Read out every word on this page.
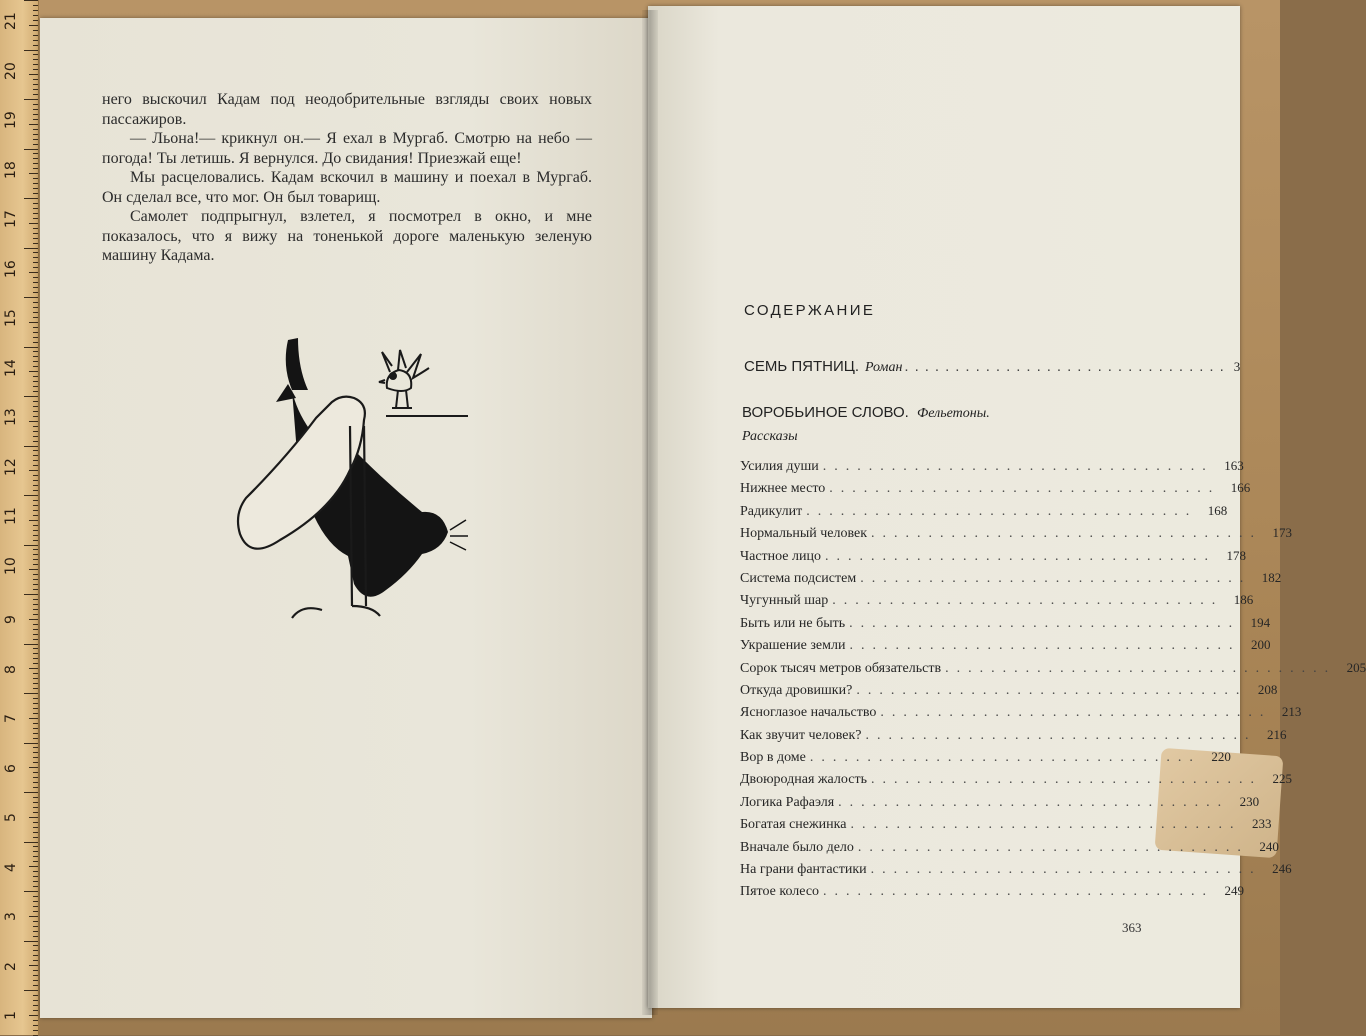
21
20
19
18
17
16
15
14
13
12
11
10
9
8
7
6
5
4
3
2
1

него выскочил Кадам под неодобрительные взгляды своих новых пассажиров.

— Льона!— крикнул он.— Я ехал в Мургаб. Смотрю на небо — погода! Ты летишь. Я вернулся. До свидания! Приезжай еще!

Мы расцеловались. Кадам вскочил в машину и поехал в Мургаб. Он сделал все, что мог. Он был товарищ.

Самолет подпрыгнул, взлетел, я посмотрел в окно, и мне показалось, что я вижу на тоненькой дороге маленькую зеленую машину Кадама.

СОДЕРЖАНИЕ
СЕМЬ ПЯТНИЦ. Роман ................................ 3
ВОРОБЬИНОЕ СЛОВО. Фельетоны.
Рассказы
Усилия души .................................. 163
Нижнее место .................................. 166
Радикулит .................................. 168
Нормальный человек .................................. 173
Частное лицо .................................. 178
Система подсистем .................................. 182
Чугунный шар .................................. 186
Быть или не быть .................................. 194
Украшение земли .................................. 200
Сорок тысяч метров обязательств .................................. 205
Откуда дровишки? .................................. 208
Ясноглазое начальство .................................. 213
Как звучит человек? .................................. 216
Вор в доме .................................. 220
Двоюродная жалость .................................. 225
Логика Рафаэля .................................. 230
Богатая снежинка .................................. 233
Вначале было дело .................................. 240
На грани фантастики .................................. 246
Пятое колесо .................................. 249
363
